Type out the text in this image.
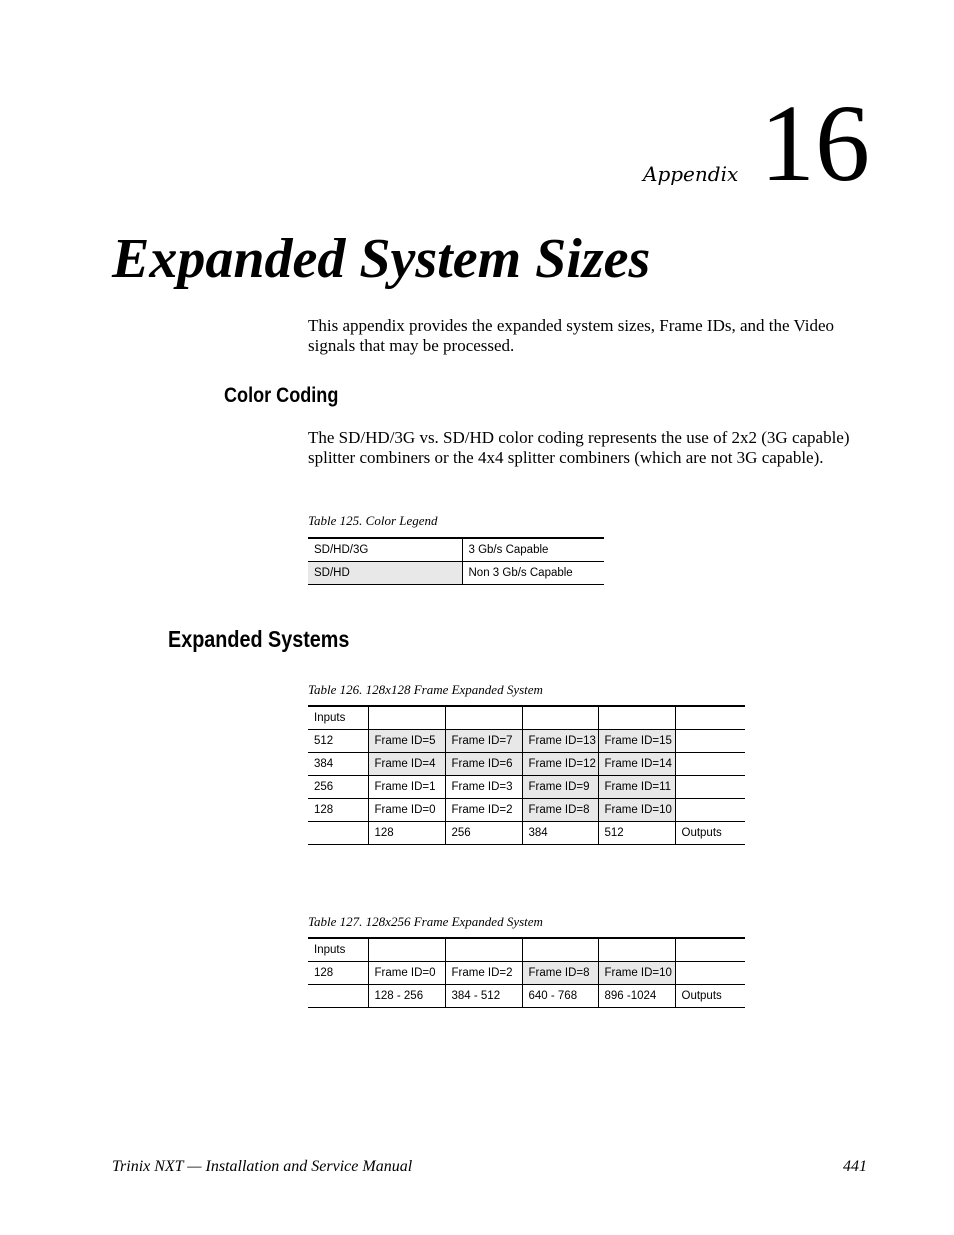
Appendix 16
Expanded System Sizes
This appendix provides the expanded system sizes, Frame IDs, and the Video signals that may be processed.
Color Coding
The SD/HD/3G vs. SD/HD color coding represents the use of 2x2 (3G capable) splitter combiners or the 4x4 splitter combiners (which are not 3G capable).
Table 125. Color Legend
SD/HD/3G	3 Gb/s Capable
SD/HD	Non 3 Gb/s Capable
Expanded Systems
Table 126. 128x128 Frame Expanded System
Inputs					
512	Frame ID=5	Frame ID=7	Frame ID=13	Frame ID=15	
384	Frame ID=4	Frame ID=6	Frame ID=12	Frame ID=14	
256	Frame ID=1	Frame ID=3	Frame ID=9	Frame ID=11	
128	Frame ID=0	Frame ID=2	Frame ID=8	Frame ID=10	
	128	256	384	512	Outputs
Table 127. 128x256 Frame Expanded System
Inputs					
128	Frame ID=0	Frame ID=2	Frame ID=8	Frame ID=10	
	128 - 256	384 - 512	640 - 768	896 -1024	Outputs
Trinix NXT — Installation and Service Manual	441
